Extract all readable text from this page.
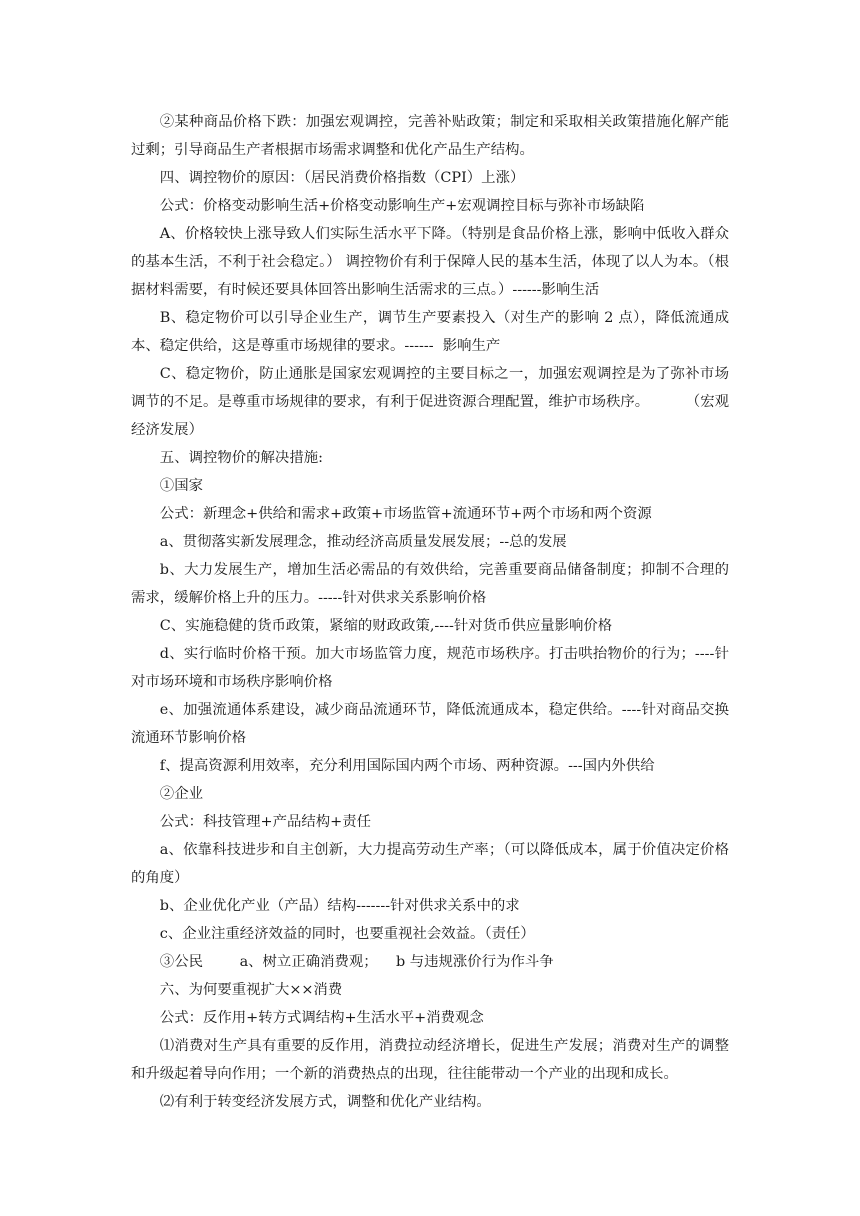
②某种商品价格下跌：加强宏观调控，完善补贴政策；制定和采取相关政策措施化解产能过剩；引导商品生产者根据市场需求调整和优化产品生产结构。

四、调控物价的原因：（居民消费价格指数（CPI）上涨）

公式：价格变动影响生活+价格变动影响生产+宏观调控目标与弥补市场缺陷

A、价格较快上涨导致人们实际生活水平下降。（特别是食品价格上涨，影响中低收入群众的基本生活，不利于社会稳定。） 调控物价有利于保障人民的基本生活，体现了以人为本。（根据材料需要，有时候还要具体回答出影响生活需求的三点。）------影响生活

B、稳定物价可以引导企业生产，调节生产要素投入（对生产的影响 2 点），降低流通成本、稳定供给，这是尊重市场规律的要求。------  影响生产

C、稳定物价，防止通胀是国家宏观调控的主要目标之一，加强宏观调控是为了弥补市场调节的不足。是尊重市场规律的要求，有利于促进资源合理配置，维护市场秩序。        （宏观经济发展）

五、调控物价的解决措施:

①国家

公式：新理念+供给和需求+政策+市场监管+流通环节+两个市场和两个资源

a、贯彻落实新发展理念，推动经济高质量发展发展；--总的发展

b、大力发展生产，增加生活必需品的有效供给，完善重要商品储备制度；抑制不合理的需求，缓解价格上升的压力。-----针对供求关系影响价格

C、实施稳健的货币政策，紧缩的财政政策,----针对货币供应量影响价格

d、实行临时价格干预。加大市场监管力度，规范市场秩序。打击哄抬物价的行为；----针对市场环境和市场秩序影响价格

e、加强流通体系建设，减少商品流通环节，降低流通成本，稳定供给。----针对商品交换流通环节影响价格

f、提高资源利用效率，充分利用国际国内两个市场、两种资源。---国内外供给

②企业

公式：科技管理+产品结构+责任

a、依靠科技进步和自主创新，大力提高劳动生产率；（可以降低成本，属于价值决定价格的角度）

b、企业优化产业（产品）结构-------针对供求关系中的求

c、企业注重经济效益的同时，也要重视社会效益。（责任）

③公民        a、树立正确消费观；    b 与违规涨价行为作斗争

六、为何要重视扩大××消费

公式：反作用+转方式调结构+生活水平+消费观念

⑴消费对生产具有重要的反作用，消费拉动经济增长，促进生产发展；消费对生产的调整和升级起着导向作用；一个新的消费热点的出现，往往能带动一个产业的出现和成长。

⑵有利于转变经济发展方式，调整和优化产业结构。
